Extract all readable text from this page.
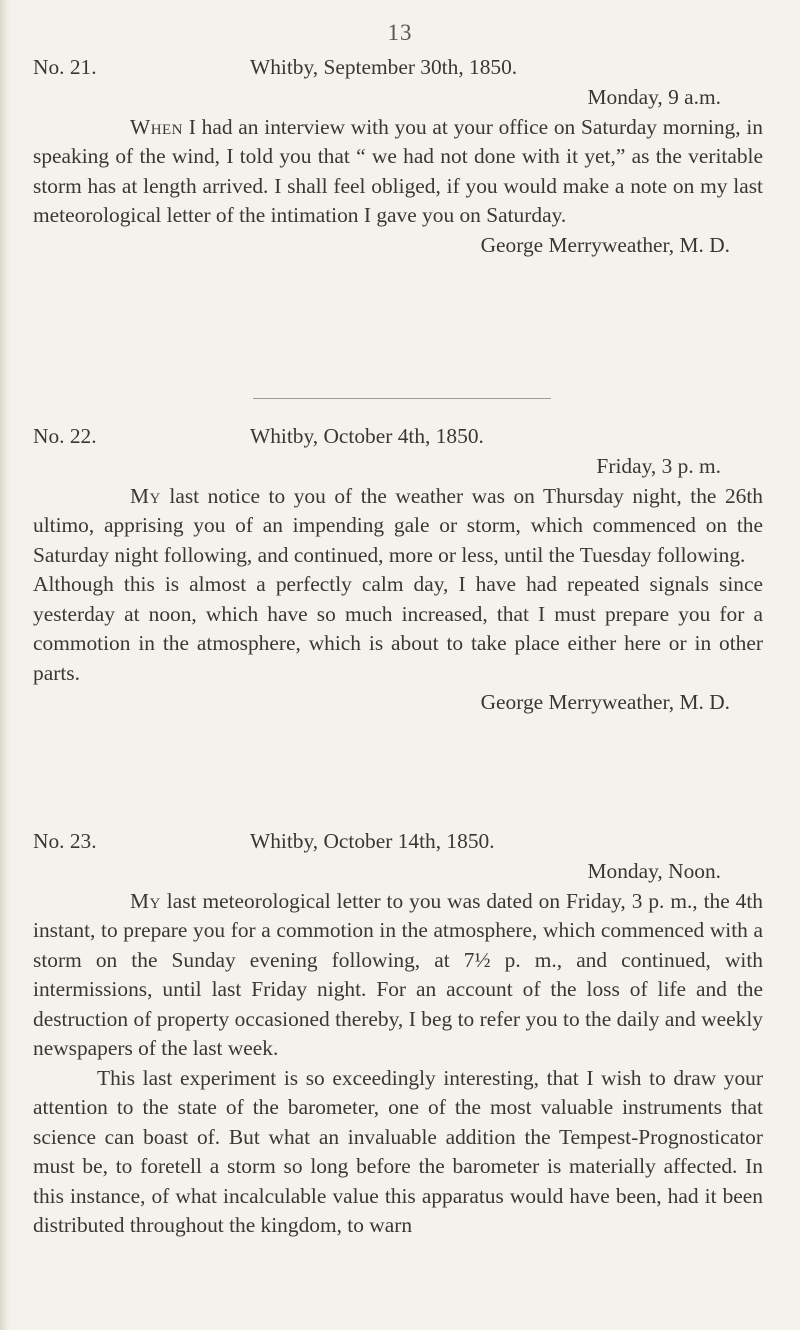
13
No. 21.	Whitby, September 30th, 1850.
Monday, 9 a.m.

When I had an interview with you at your office on Saturday morning, in speaking of the wind, I told you that “ we had not done with it yet,” as the veritable storm has at length arrived. I shall feel obliged, if you would make a note on my last meteorological letter of the intimation I gave you on Saturday.

George Merryweather, M. D.
No. 22.	Whitby, October 4th, 1850.
Friday, 3 p. m.

My last notice to you of the weather was on Thursday night, the 26th ultimo, apprising you of an impending gale or storm, which commenced on the Saturday night following, and continued, more or less, until the Tuesday following.

Although this is almost a perfectly calm day, I have had repeated signals since yesterday at noon, which have so much increased, that I must prepare you for a commotion in the atmosphere, which is about to take place either here or in other parts.

George Merryweather, M. D.
No. 23.	Whitby, October 14th, 1850.
Monday, Noon.

My last meteorological letter to you was dated on Friday, 3 p. m., the 4th instant, to prepare you for a commotion in the atmosphere, which commenced with a storm on the Sunday evening following, at 7½ p. m., and continued, with intermissions, until last Friday night. For an account of the loss of life and the destruction of property occasioned thereby, I beg to refer you to the daily and weekly newspapers of the last week.

This last experiment is so exceedingly interesting, that I wish to draw your attention to the state of the barometer, one of the most valuable instruments that science can boast of. But what an invaluable addition the Tempest-Prognosticator must be, to foretell a storm so long before the barometer is materially affected. In this instance, of what incalculable value this apparatus would have been, had it been distributed throughout the kingdom, to warn
